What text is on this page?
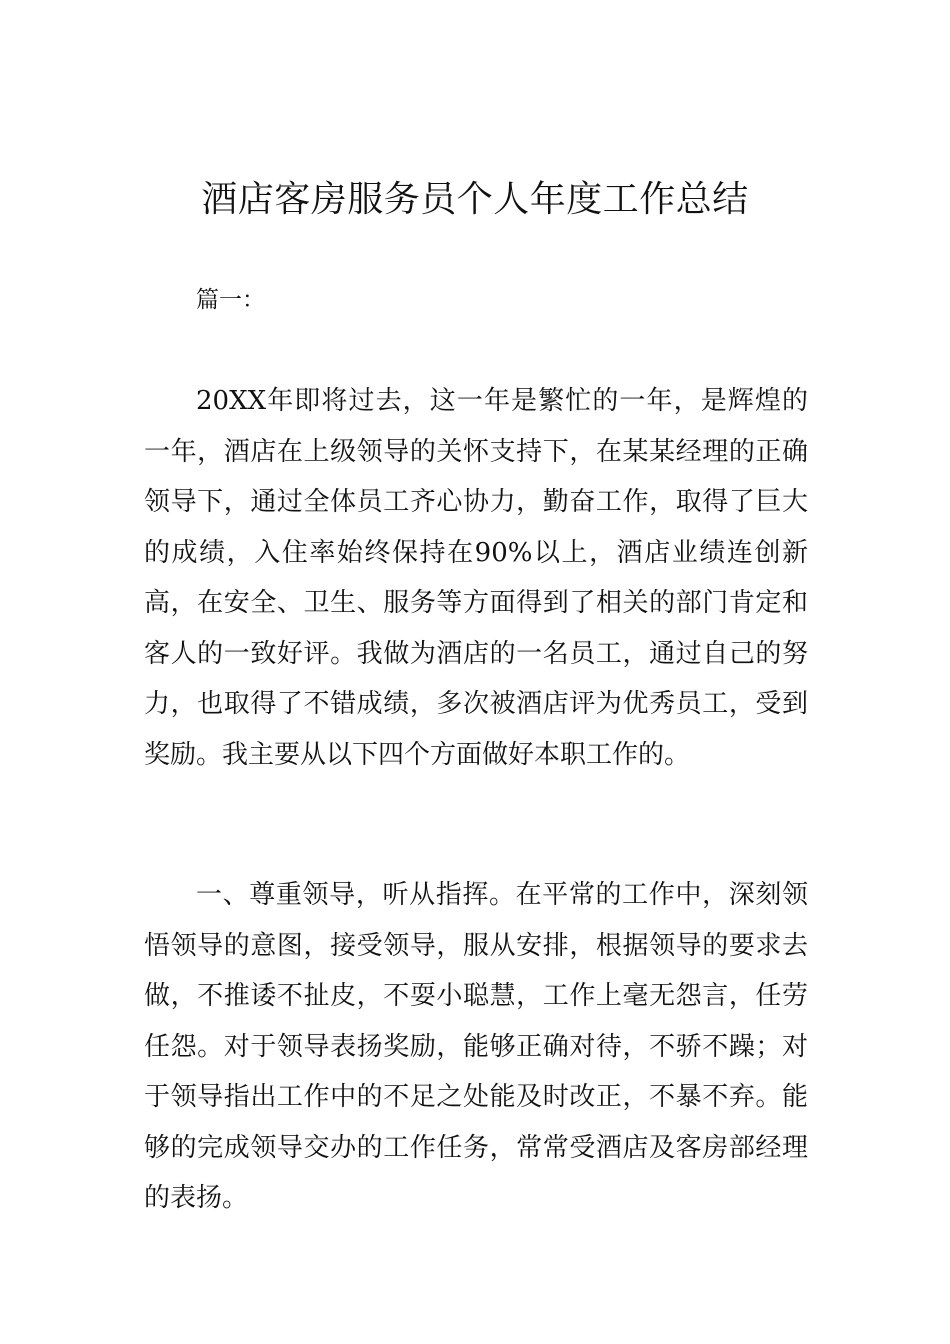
酒店客房服务员个人年度工作总结

篇一：

20XX年即将过去，这一年是繁忙的一年，是辉煌的一年，酒店在上级领导的关怀支持下，在某某经理的正确领导下，通过全体员工齐心协力，勤奋工作，取得了巨大的成绩，入住率始终保持在90%以上，酒店业绩连创新高，在安全、卫生、服务等方面得到了相关的部门肯定和客人的一致好评。我做为酒店的一名员工，通过自己的努力，也取得了不错成绩，多次被酒店评为优秀员工，受到奖励。我主要从以下四个方面做好本职工作的。

一、尊重领导，听从指挥。在平常的工作中，深刻领悟领导的意图，接受领导，服从安排，根据领导的要求去做，不推诿不扯皮，不耍小聪慧，工作上毫无怨言，任劳任怨。对于领导表扬奖励，能够正确对待，不骄不躁；对于领导指出工作中的不足之处能及时改正，不暴不弃。能够的完成领导交办的工作任务，常常受酒店及客房部经理的表扬。
